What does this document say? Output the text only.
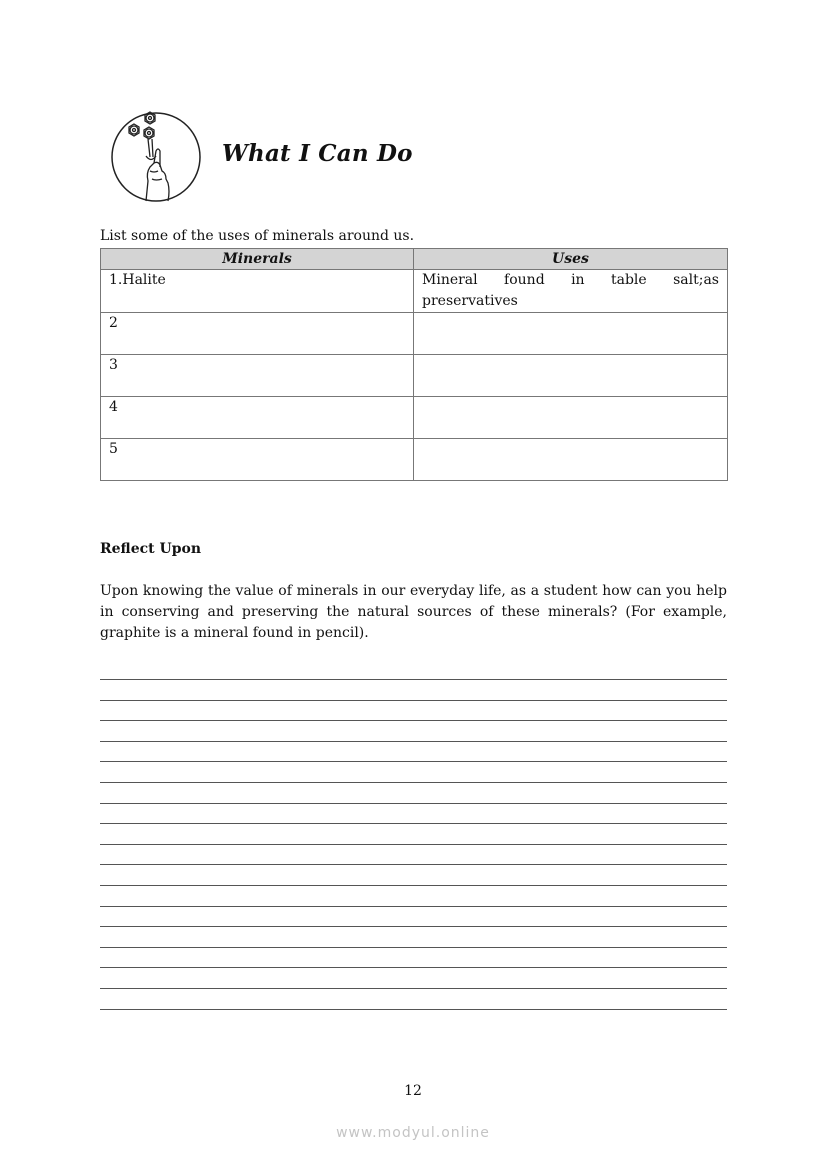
What I Can Do
List some of the uses of minerals around us.
Minerals	Uses
1.Halite	Mineral found in table salt;as preservatives
2	
3	
4	
5	
Reflect Upon
Upon knowing the value of minerals in our everyday life, as a student how can you help in conserving and preserving the natural sources of these minerals? (For example, graphite is a mineral found in pencil).
12
www.modyul.online
